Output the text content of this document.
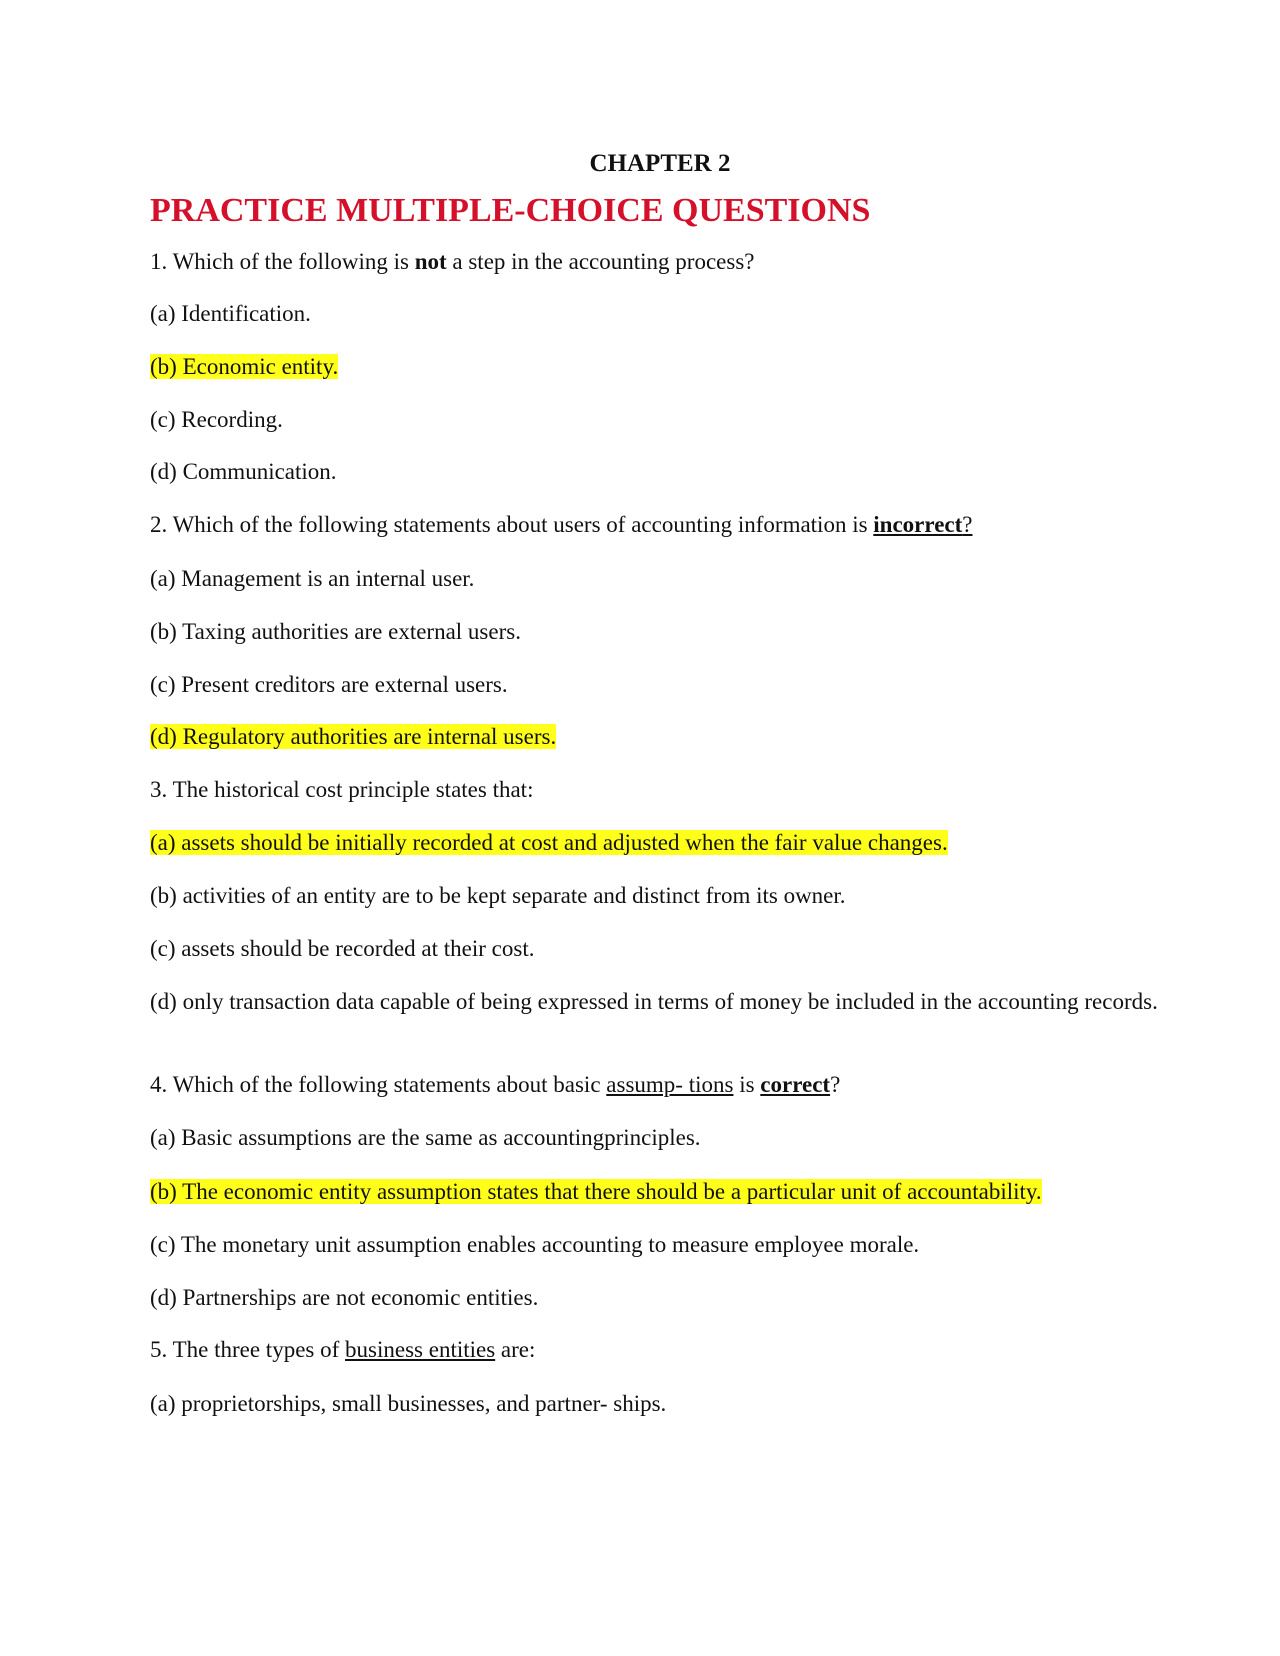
CHAPTER 2
PRACTICE MULTIPLE-CHOICE QUESTIONS
1. Which of the following is not a step in the accounting process?
(a) Identification.
(b) Economic entity.
(c) Recording.
(d) Communication.
2. Which of the following statements about users of accounting information is incorrect?
(a) Management is an internal user.
(b) Taxing authorities are external users.
(c) Present creditors are external users.
(d) Regulatory authorities are internal users.
3. The historical cost principle states that:
(a) assets should be initially recorded at cost and adjusted when the fair value changes.
(b) activities of an entity are to be kept separate and distinct from its owner.
(c) assets should be recorded at their cost.
(d) only transaction data capable of being expressed in terms of money be included in the accounting records.
4. Which of the following statements about basic assump- tions is correct?
(a) Basic assumptions are the same as accountingprinciples.
(b) The economic entity assumption states that there should be a particular unit of accountability.
(c) The monetary unit assumption enables accounting to measure employee morale.
(d) Partnerships are not economic entities.
5. The three types of business entities are:
(a) proprietorships, small businesses, and partner- ships.
